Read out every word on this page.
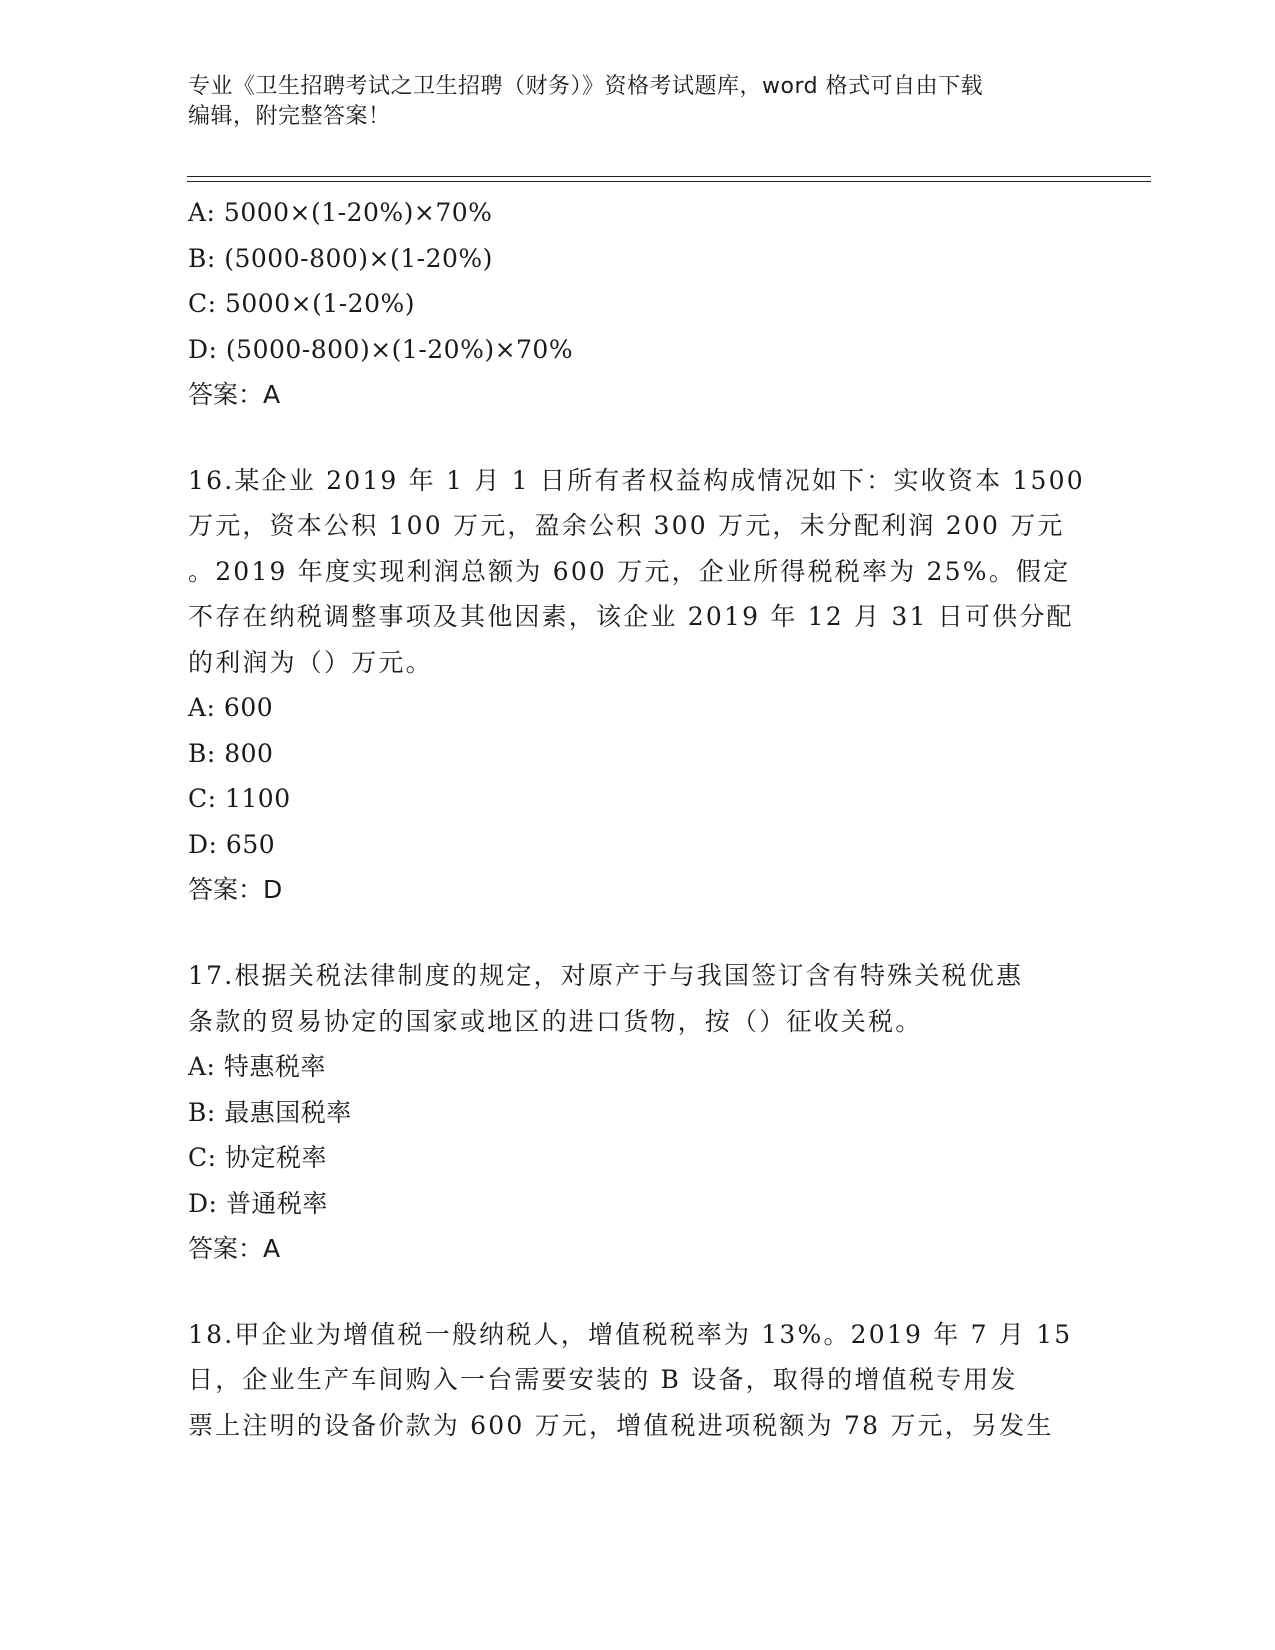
专业《卫生招聘考试之卫生招聘（财务）》资格考试题库，word 格式可自由下载
编辑，附完整答案！
A: 5000×(1-20%)×70%
B: (5000-800)×(1-20%)
C: 5000×(1-20%)
D: (5000-800)×(1-20%)×70%
答案：A
16.某企业 2019 年 1 月 1 日所有者权益构成情况如下：实收资本 1500
万元，资本公积 100 万元，盈余公积 300 万元，未分配利润 200 万元
。2019 年度实现利润总额为 600 万元，企业所得税税率为 25%。假定
不存在纳税调整事项及其他因素，该企业 2019 年 12 月 31 日可供分配
的利润为（）万元。
A: 600
B: 800
C: 1100
D: 650
答案：D
17.根据关税法律制度的规定，对原产于与我国签订含有特殊关税优惠
条款的贸易协定的国家或地区的进口货物，按（）征收关税。
A: 特惠税率
B: 最惠国税率
C: 协定税率
D: 普通税率
答案：A
18.甲企业为增值税一般纳税人，增值税税率为 13%。2019 年 7 月 15
日，企业生产车间购入一台需要安装的 B 设备，取得的增值税专用发
票上注明的设备价款为 600 万元，增值税进项税额为 78 万元，另发生
